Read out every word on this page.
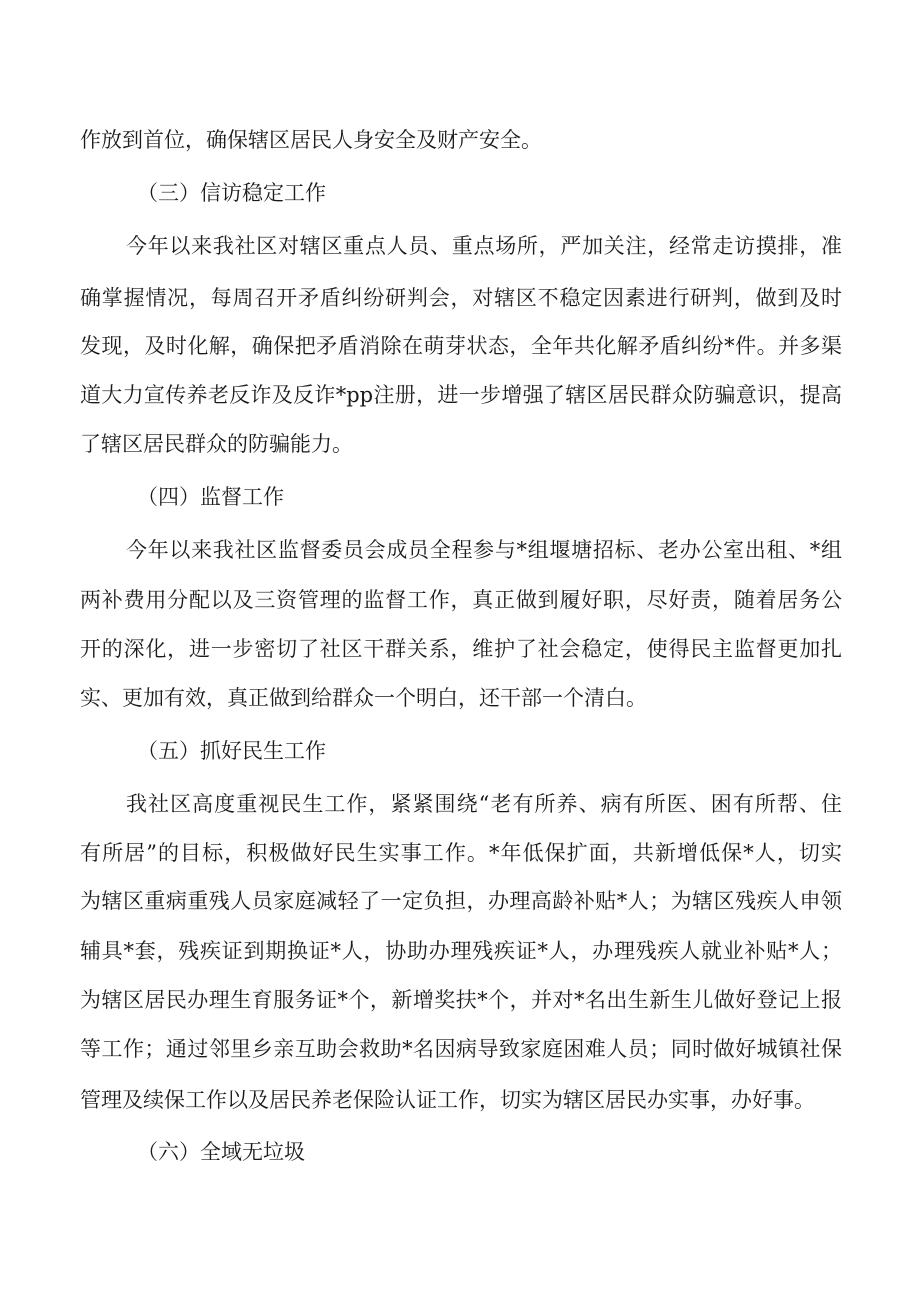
作放到首位，确保辖区居民人身安全及财产安全。
（三）信访稳定工作
今年以来我社区对辖区重点人员、重点场所，严加关注，经常走访摸排，准
确掌握情况，每周召开矛盾纠纷研判会，对辖区不稳定因素进行研判，做到及时
发现，及时化解，确保把矛盾消除在萌芽状态，全年共化解矛盾纠纷*件。并多渠
道大力宣传养老反诈及反诈*pp注册，进一步增强了辖区居民群众防骗意识，提高
了辖区居民群众的防骗能力。
（四）监督工作
今年以来我社区监督委员会成员全程参与*组堰塘招标、老办公室出租、*组
两补费用分配以及三资管理的监督工作，真正做到履好职，尽好责，随着居务公
开的深化，进一步密切了社区干群关系，维护了社会稳定，使得民主监督更加扎
实、更加有效，真正做到给群众一个明白，还干部一个清白。
（五）抓好民生工作
我社区高度重视民生工作，紧紧围绕“老有所养、病有所医、困有所帮、住
有所居”的目标，积极做好民生实事工作。*年低保扩面，共新增低保*人，切实
为辖区重病重残人员家庭减轻了一定负担，办理高龄补贴*人；为辖区残疾人申领
辅具*套，残疾证到期换证*人，协助办理残疾证*人，办理残疾人就业补贴*人；
为辖区居民办理生育服务证*个，新增奖扶*个，并对*名出生新生儿做好登记上报
等工作；通过邻里乡亲互助会救助*名因病导致家庭困难人员；同时做好城镇社保
管理及续保工作以及居民养老保险认证工作，切实为辖区居民办实事，办好事。
（六）全域无垃圾
